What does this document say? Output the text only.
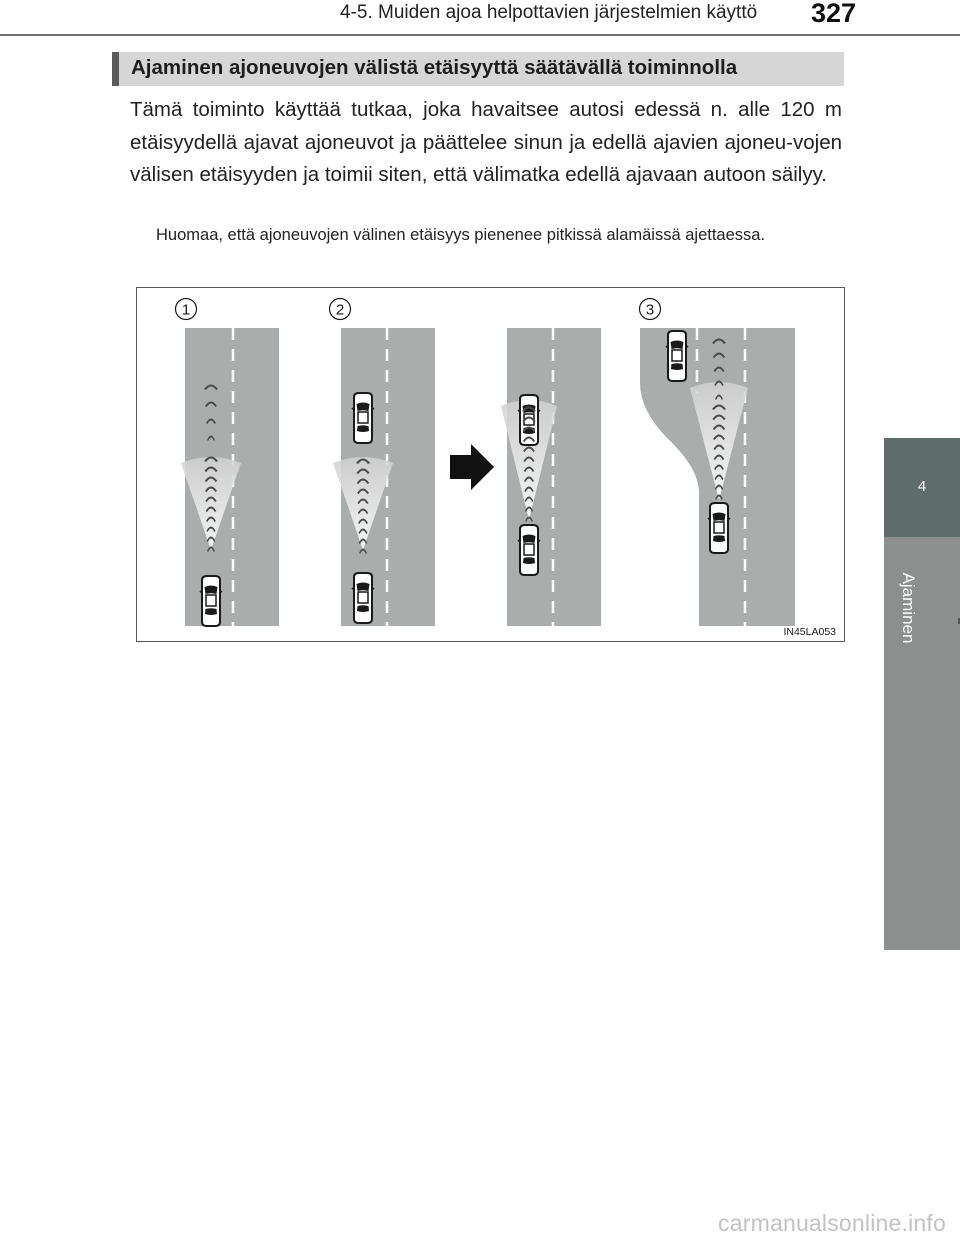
4-5. Muiden ajoa helpottavien järjestelmien käyttö 327
4
Ajaminen
Ajaminen ajoneuvojen välistä etäisyyttä säätävällä toiminnolla

Tämä toiminto käyttää tutkaa, joka havaitsee autosi edessä n. alle 120 m etäisyydellä ajavat ajoneuvot ja päättelee sinun ja edellä ajavien ajoneu-vojen välisen etäisyyden ja toimii siten, että välimatka edellä ajavaan autoon säilyy.

Huomaa, että ajoneuvojen välinen etäisyys pienenee pitkissä alamäissä ajettaessa.

1	2	3
IN45LA053
carmanualsonline.info
